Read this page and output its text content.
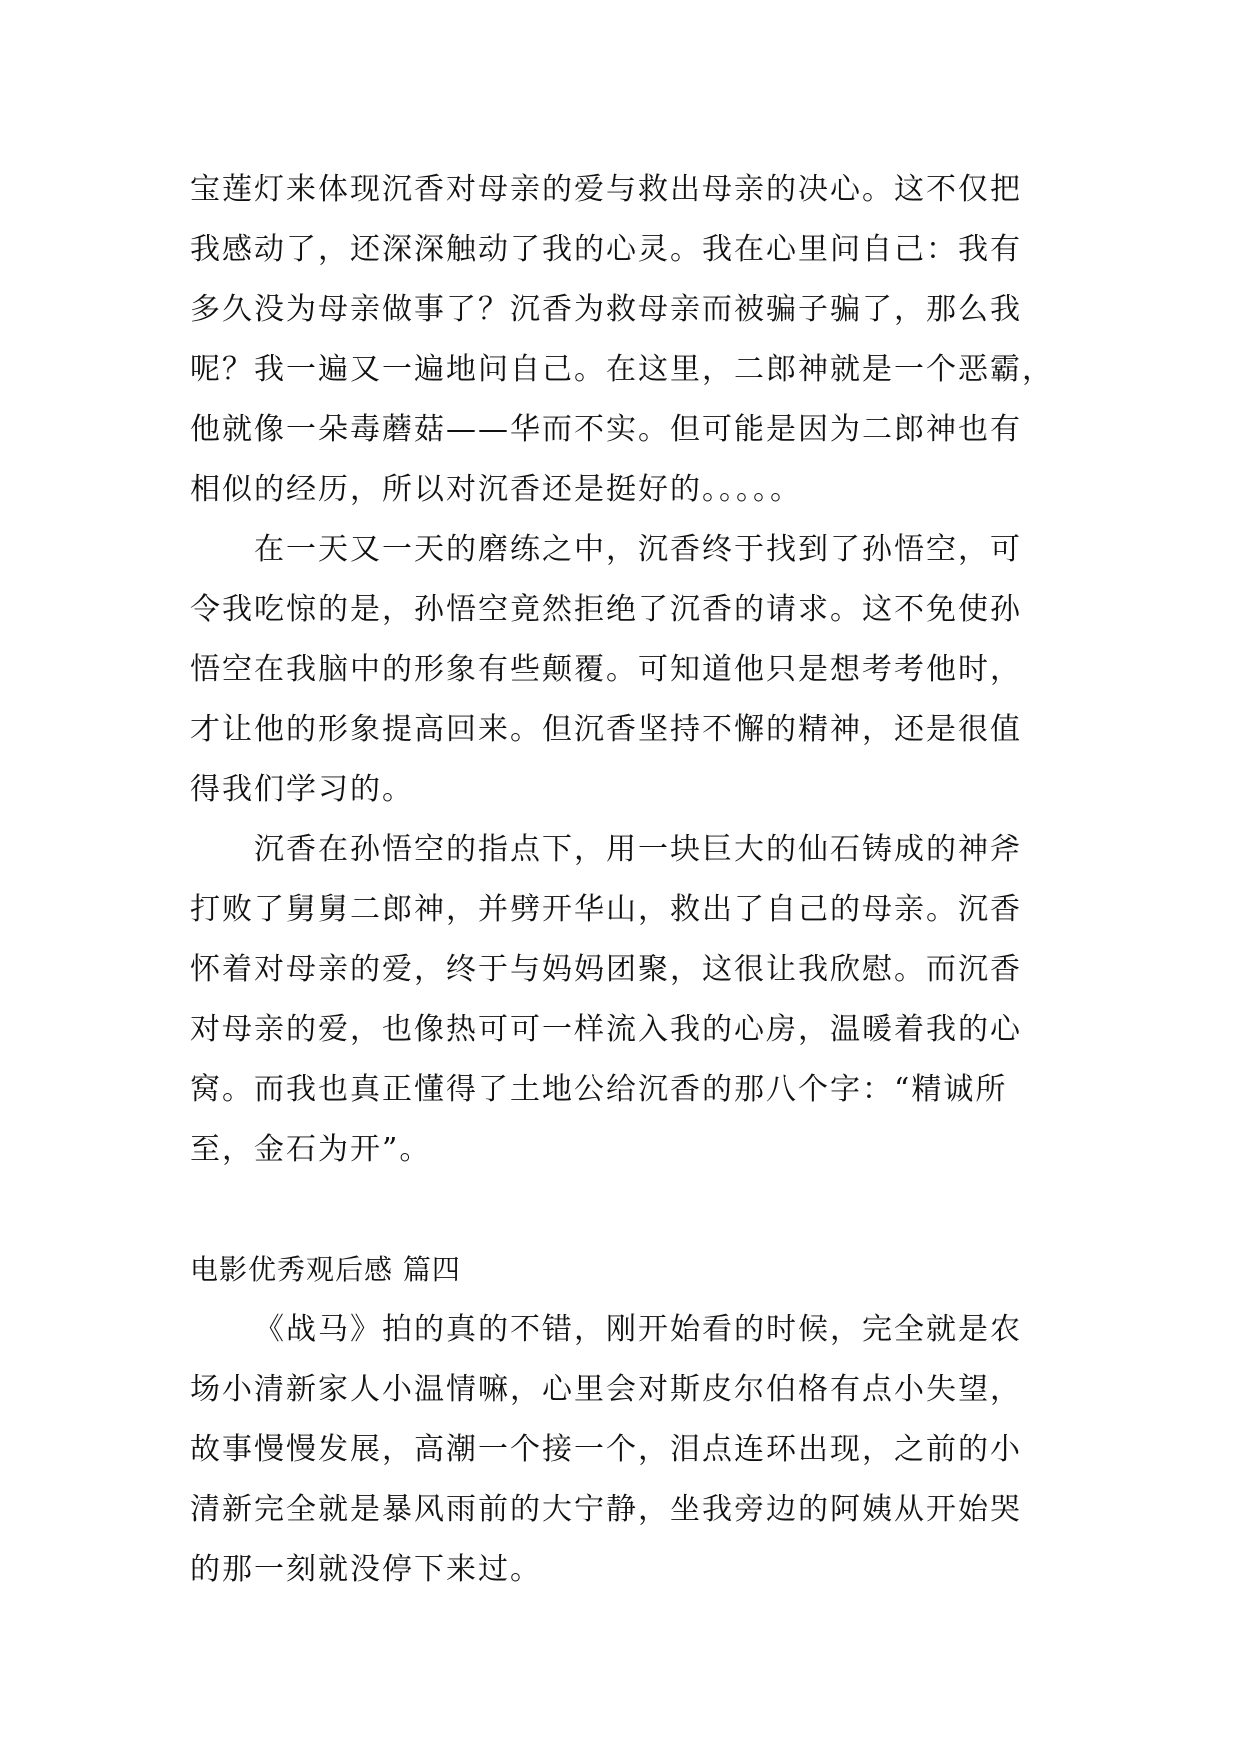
宝莲灯来体现沉香对母亲的爱与救出母亲的决心。这不仅把
我感动了，还深深触动了我的心灵。我在心里问自己：我有
多久没为母亲做事了？沉香为救母亲而被骗子骗了，那么我
呢？我一遍又一遍地问自己。在这里，二郎神就是一个恶霸，
他就像一朵毒蘑菇——华而不实。但可能是因为二郎神也有
相似的经历，所以对沉香还是挺好的。。。。。
在一天又一天的磨练之中，沉香终于找到了孙悟空，可
令我吃惊的是，孙悟空竟然拒绝了沉香的请求。这不免使孙
悟空在我脑中的形象有些颠覆。可知道他只是想考考他时，
才让他的形象提高回来。但沉香坚持不懈的精神，还是很值
得我们学习的。
沉香在孙悟空的指点下，用一块巨大的仙石铸成的神斧
打败了舅舅二郎神，并劈开华山，救出了自己的母亲。沉香
怀着对母亲的爱，终于与妈妈团聚，这很让我欣慰。而沉香
对母亲的爱，也像热可可一样流入我的心房，温暖着我的心
窝。而我也真正懂得了土地公给沉香的那八个字：“精诚所
至，金石为开”。
电影优秀观后感 篇四
《战马》拍的真的不错，刚开始看的时候，完全就是农
场小清新家人小温情嘛，心里会对斯皮尔伯格有点小失望，
故事慢慢发展，高潮一个接一个，泪点连环出现，之前的小
清新完全就是暴风雨前的大宁静，坐我旁边的阿姨从开始哭
的那一刻就没停下来过。
